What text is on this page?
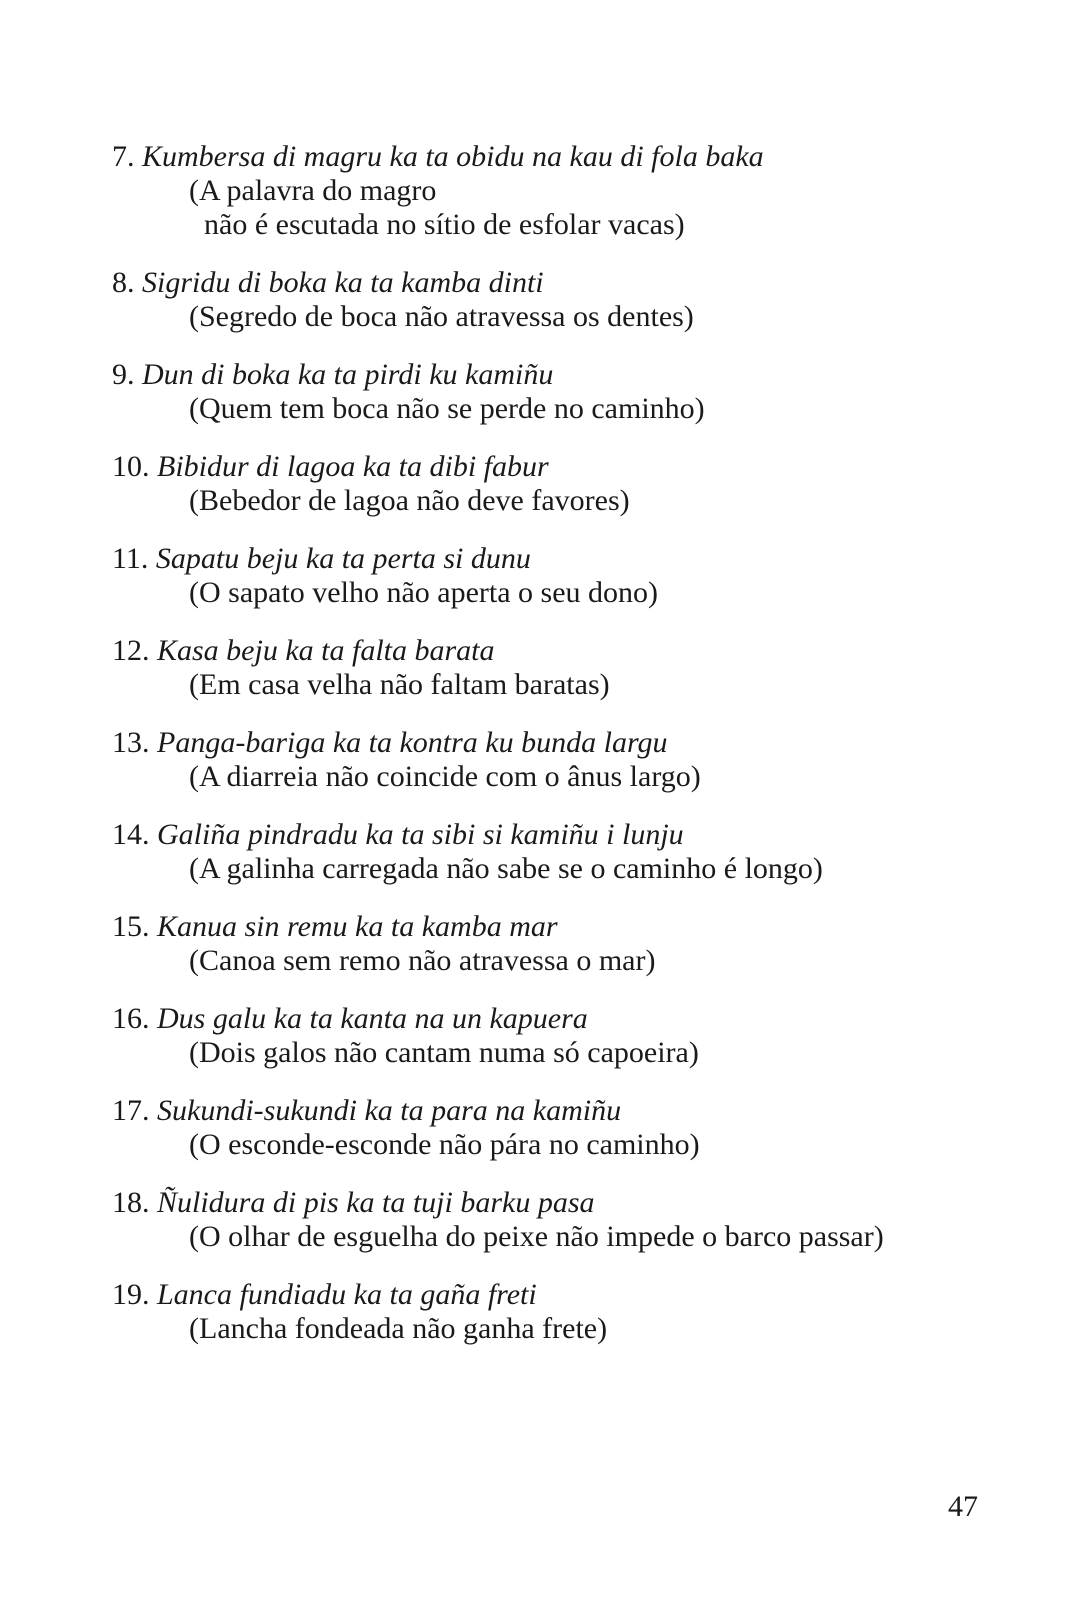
7. Kumbersa di magru ka ta obidu na kau di fola baka
(A palavra do magro
não é escutada no sítio de esfolar vacas)
8. Sigridu di boka ka ta kamba dinti
(Segredo de boca não atravessa os dentes)
9. Dun di boka ka ta pirdi ku kamiñu
(Quem tem boca não se perde no caminho)
10. Bibidur di lagoa ka ta dibi fabur
(Bebedor de lagoa não deve favores)
11. Sapatu beju ka ta perta si dunu
(O sapato velho não aperta o seu dono)
12. Kasa beju ka ta falta barata
(Em casa velha não faltam baratas)
13. Panga-bariga ka ta kontra ku bunda largu
(A diarreia não coincide com o ânus largo)
14. Galiña pindradu ka ta sibi si kamiñu i lunju
(A galinha carregada não sabe se o caminho é longo)
15. Kanua sin remu ka ta kamba mar
(Canoa sem remo não atravessa o mar)
16. Dus galu ka ta kanta na un kapuera
(Dois galos não cantam numa só capoeira)
17. Sukundi-sukundi ka ta para na kamiñu
(O esconde-esconde não pára no caminho)
18. Ñulidura di pis ka ta tuji barku pasa
(O olhar de esguelha do peixe não impede o barco passar)
19. Lanca fundiadu ka ta gaña freti
(Lancha fondeada não ganha frete)
47
